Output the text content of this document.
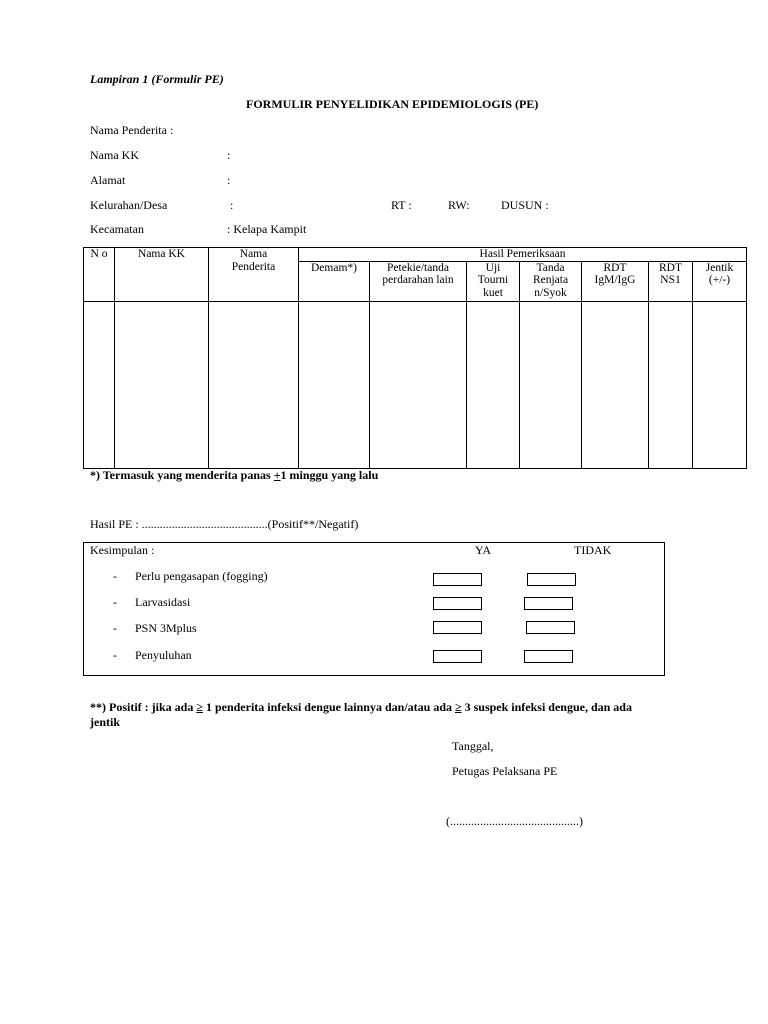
Lampiran 1 (Formulir PE)
FORMULIR PENYELIDIKAN EPIDEMIOLOGIS (PE)
Nama Penderita :
Nama KK	:
Alamat	:
Kelurahan/Desa	:	RT :	RW:	DUSUN :
Kecamatan	: Kelapa Kampit
N o	Nama KK	Nama Penderita	Hasil Pemeriksaan						
			Demam*)	Petekie/tanda perdarahan lain	Uji Tourni kuet	Tanda Renjata n/Syok	RDT IgM/IgG	RDT NS1	Jentik (+/-)

*) Termasuk yang menderita panas +1 minggu yang lalu
Hasil PE : ..........................................(Positif**/Negatif)
Kesimpulan :	YA	TIDAK
- Perlu pengasapan (fogging)
- Larvasidasi
- PSN 3Mplus
- Penyuluhan
**) Positif : jika ada ≥ 1 penderita infeksi dengue lainnya dan/atau ada ≥ 3 suspek infeksi dengue, dan ada
jentik
Tanggal,
Petugas Pelaksana PE
(...........................................)
